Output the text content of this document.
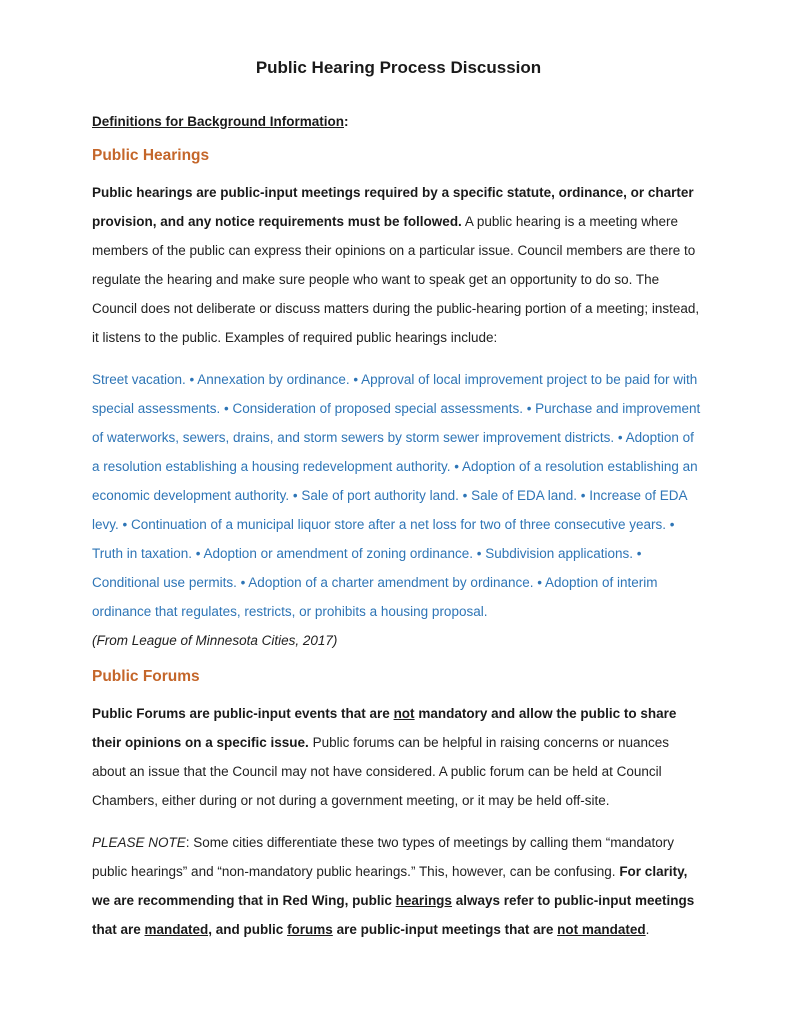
Public Hearing Process Discussion

Definitions for Background Information:

Public Hearings

Public hearings are public-input meetings required by a specific statute, ordinance, or charter provision, and any notice requirements must be followed. A public hearing is a meeting where members of the public can express their opinions on a particular issue. Council members are there to regulate the hearing and make sure people who want to speak get an opportunity to do so. The Council does not deliberate or discuss matters during the public-hearing portion of a meeting; instead, it listens to the public. Examples of required public hearings include:

Street vacation. • Annexation by ordinance. • Approval of local improvement project to be paid for with special assessments. • Consideration of proposed special assessments. • Purchase and improvement of waterworks, sewers, drains, and storm sewers by storm sewer improvement districts. • Adoption of a resolution establishing a housing redevelopment authority. • Adoption of a resolution establishing an economic development authority. • Sale of port authority land. • Sale of EDA land. • Increase of EDA levy. • Continuation of a municipal liquor store after a net loss for two of three consecutive years. • Truth in taxation. • Adoption or amendment of zoning ordinance. • Subdivision applications. • Conditional use permits. • Adoption of a charter amendment by ordinance. • Adoption of interim ordinance that regulates, restricts, or prohibits a housing proposal.
(From League of Minnesota Cities, 2017)

Public Forums

Public Forums are public-input events that are not mandatory and allow the public to share their opinions on a specific issue. Public forums can be helpful in raising concerns or nuances about an issue that the Council may not have considered. A public forum can be held at Council Chambers, either during or not during a government meeting, or it may be held off-site.

PLEASE NOTE: Some cities differentiate these two types of meetings by calling them “mandatory public hearings” and “non-mandatory public hearings.” This, however, can be confusing. For clarity, we are recommending that in Red Wing, public hearings always refer to public-input meetings that are mandated, and public forums are public-input meetings that are not mandated.
